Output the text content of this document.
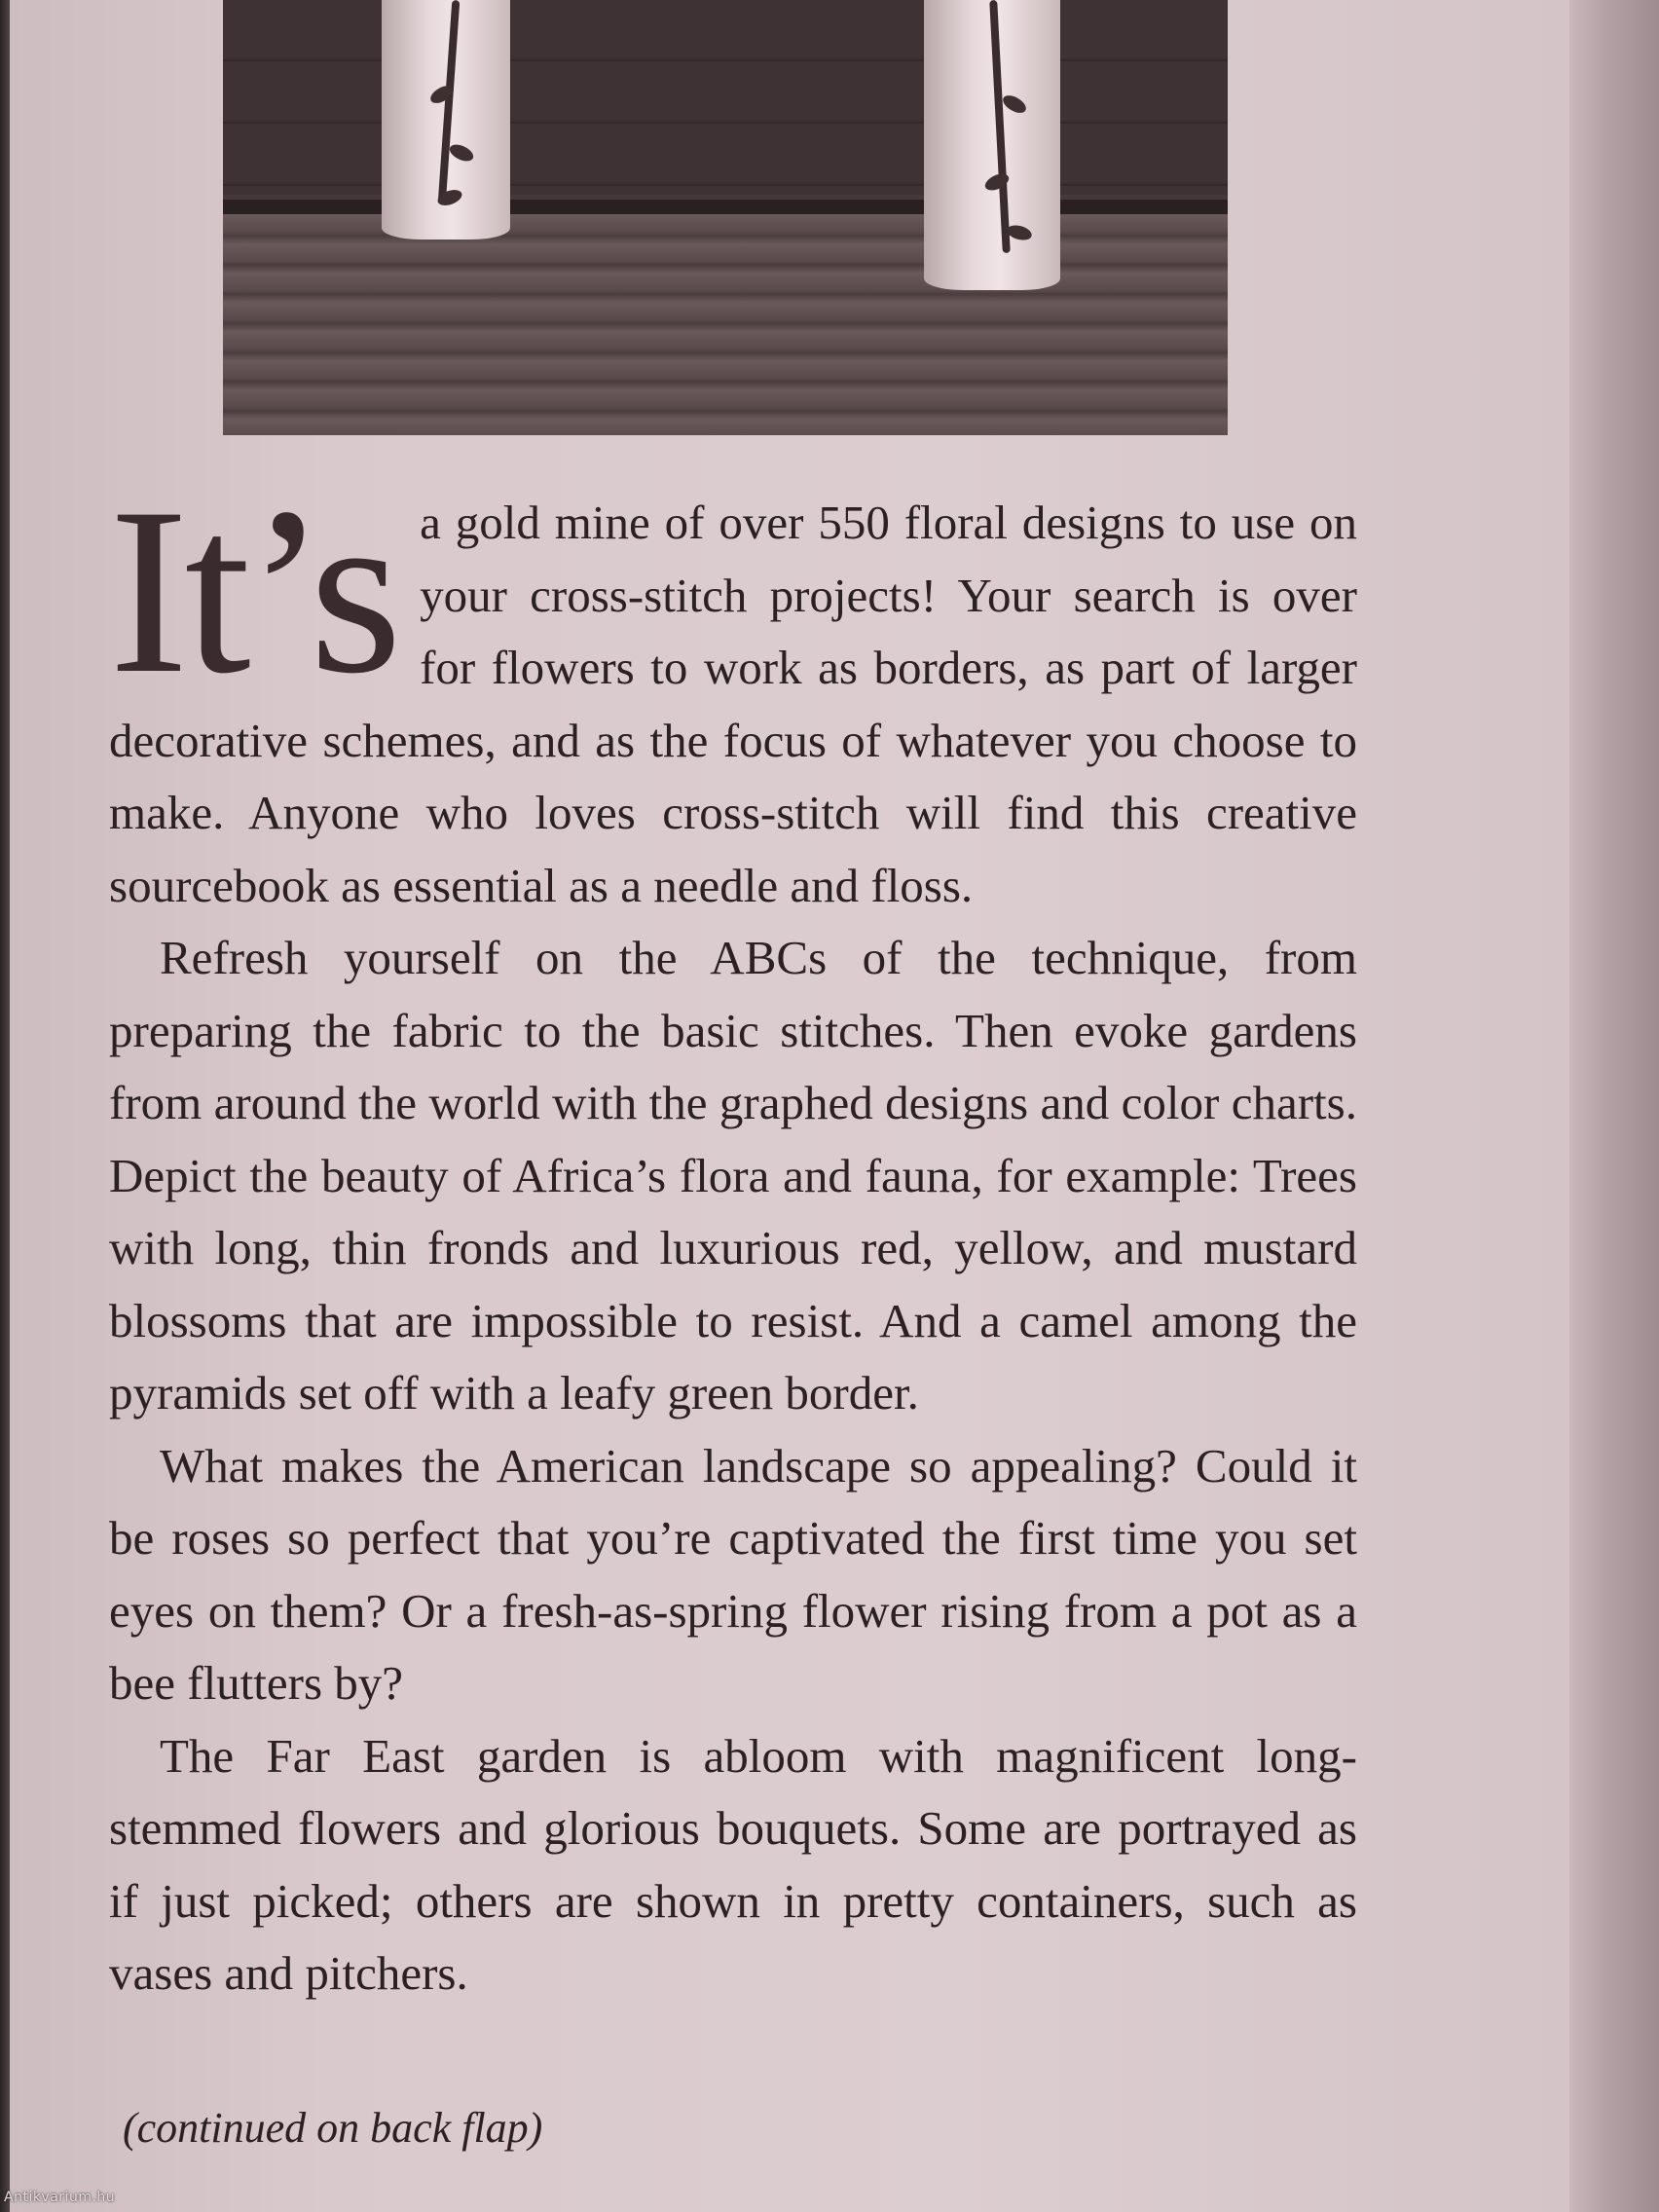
It’s a gold mine of over 550 floral designs to use on your cross-stitch projects! Your search is over for flowers to work as borders, as part of larger decorative schemes, and as the focus of whatever you choose to make. Anyone who loves cross-stitch will find this creative sourcebook as essential as a needle and floss.

Refresh yourself on the ABCs of the technique, from preparing the fabric to the basic stitches. Then evoke gardens from around the world with the graphed designs and color charts. Depict the beauty of Africa’s flora and fauna, for example: Trees with long, thin fronds and luxurious red, yellow, and mustard blossoms that are impossible to resist. And a camel among the pyramids set off with a leafy green border.

What makes the American landscape so appealing? Could it be roses so perfect that you’re captivated the first time you set eyes on them? Or a fresh-as-spring flower rising from a pot as a bee flutters by?

The Far East garden is abloom with magnificent long-stemmed flowers and glorious bouquets. Some are portrayed as if just picked; others are shown in pretty containers, such as vases and pitchers.

(continued on back flap)
Antikvarium.hu
